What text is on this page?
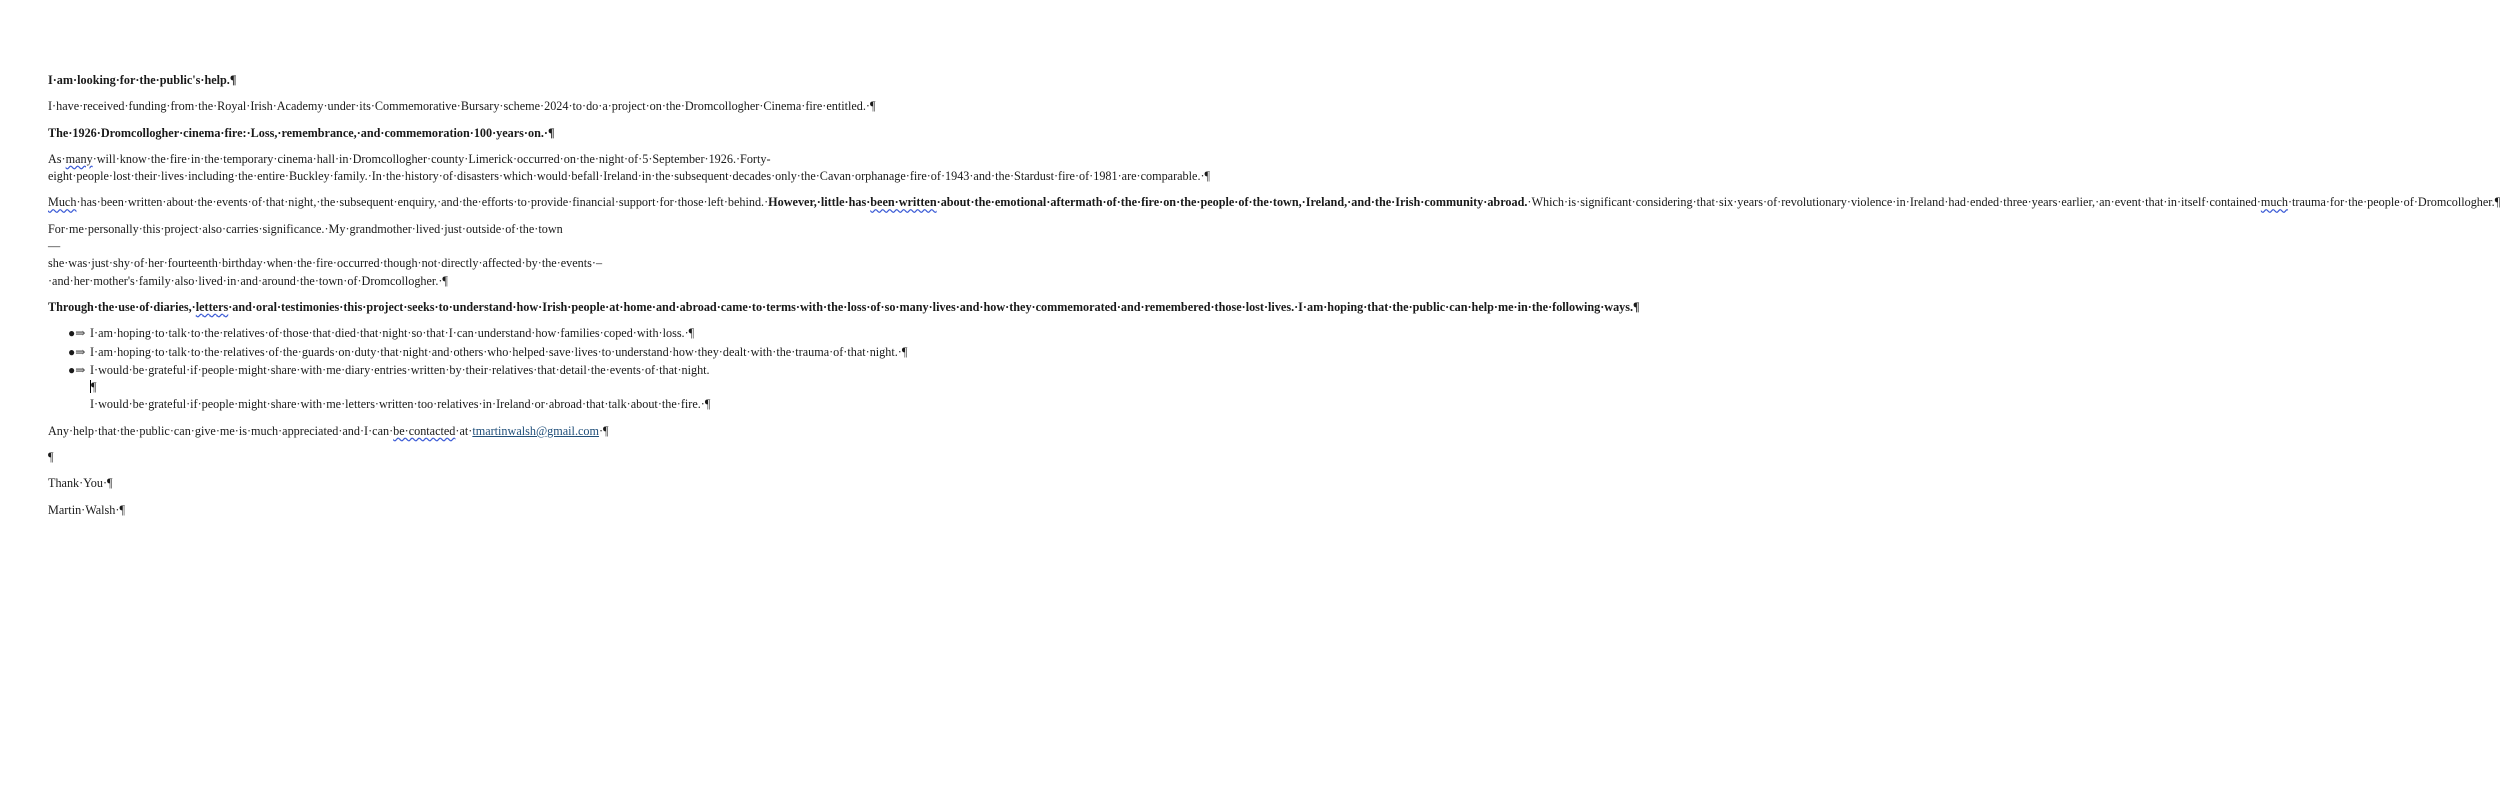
I·am·looking·for·the·public's·help.¶

I·have·received·funding·from·the·Royal·Irish·Academy·under·its·Commemorative·Bursary·scheme·2024·to·do·a·project·on·the·Dromcollogher·Cinema·fire·entitled.·¶

The·1926·Dromcollogher·cinema·fire:·Loss,·remembrance,·and·commemoration·100·years·on.·¶

As·many·will·know·the·fire·in·the·temporary·cinema·hall·in·Dromcollogher·county·Limerick·occurred·on·the·night·of·5·September·1926.·Forty-eight·people·lost·their·lives·including·the·entire·Buckley·family.·In·the·history·of·disasters·which·would·befall·Ireland·in·the·subsequent·decades·only·the·Cavan·orphanage·fire·of·1943·and·the·Stardust·fire·of·1981·are·comparable.·¶

Much·has·been·written·about·the·events·of·that·night,·the·subsequent·enquiry,·and·the·efforts·to·provide·financial·support·for·those·left·behind.·However,·little·has·been·written·about·the·emotional·aftermath·of·the·fire·on·the·people·of·the·town,·Ireland,·and·the·Irish·community·abroad.·Which·is·significant·considering·that·six·years·of·revolutionary·violence·in·Ireland·had·ended·three·years·earlier,·an·event·that·in·itself·contained·much·trauma·for·the·people·of·Dromcollogher.¶

For·me·personally·this·project·also·carries·significance.·My·grandmother·lived·just·outside·of·the·town—she·was·just·shy·of·her·fourteenth·birthday·when·the·fire·occurred·though·not·directly·affected·by·the·events·–·and·her·mother's·family·also·lived·in·and·around·the·town·of·Dromcollogher.·¶

Through·the·use·of·diaries,·letters·and·oral·testimonies·this·project·seeks·to·understand·how·Irish·people·at·home·and·abroad·came·to·terms·with·the·loss·of·so·many·lives·and·how·they·commemorated·and·remembered·those·lost·lives.·I·am·hoping·that·the·public·can·help·me·in·the·following·ways.¶

●⇒ I·am·hoping·to·talk·to·the·relatives·of·those·that·died·that·night·so·that·I·can·understand·how·families·coped·with·loss.·¶
●⇒ I·am·hoping·to·talk·to·the·relatives·of·the·guards·on·duty·that·night·and·others·who·helped·save·lives·to·understand·how·they·dealt·with·the·trauma·of·that·night.·¶
●⇒ I·would·be·grateful·if·people·might·share·with·me·diary·entries·written·by·their·relatives·that·detail·the·events·of·that·night.¶
I·would·be·grateful·if·people·might·share·with·me·letters·written·too·relatives·in·Ireland·or·abroad·that·talk·about·the·fire.·¶

Any·help·that·the·public·can·give·me·is·much·appreciated·and·I·can·be·contacted·at·tmartinwalsh@gmail.com·¶

¶

Thank·You·¶

Martin·Walsh·¶
